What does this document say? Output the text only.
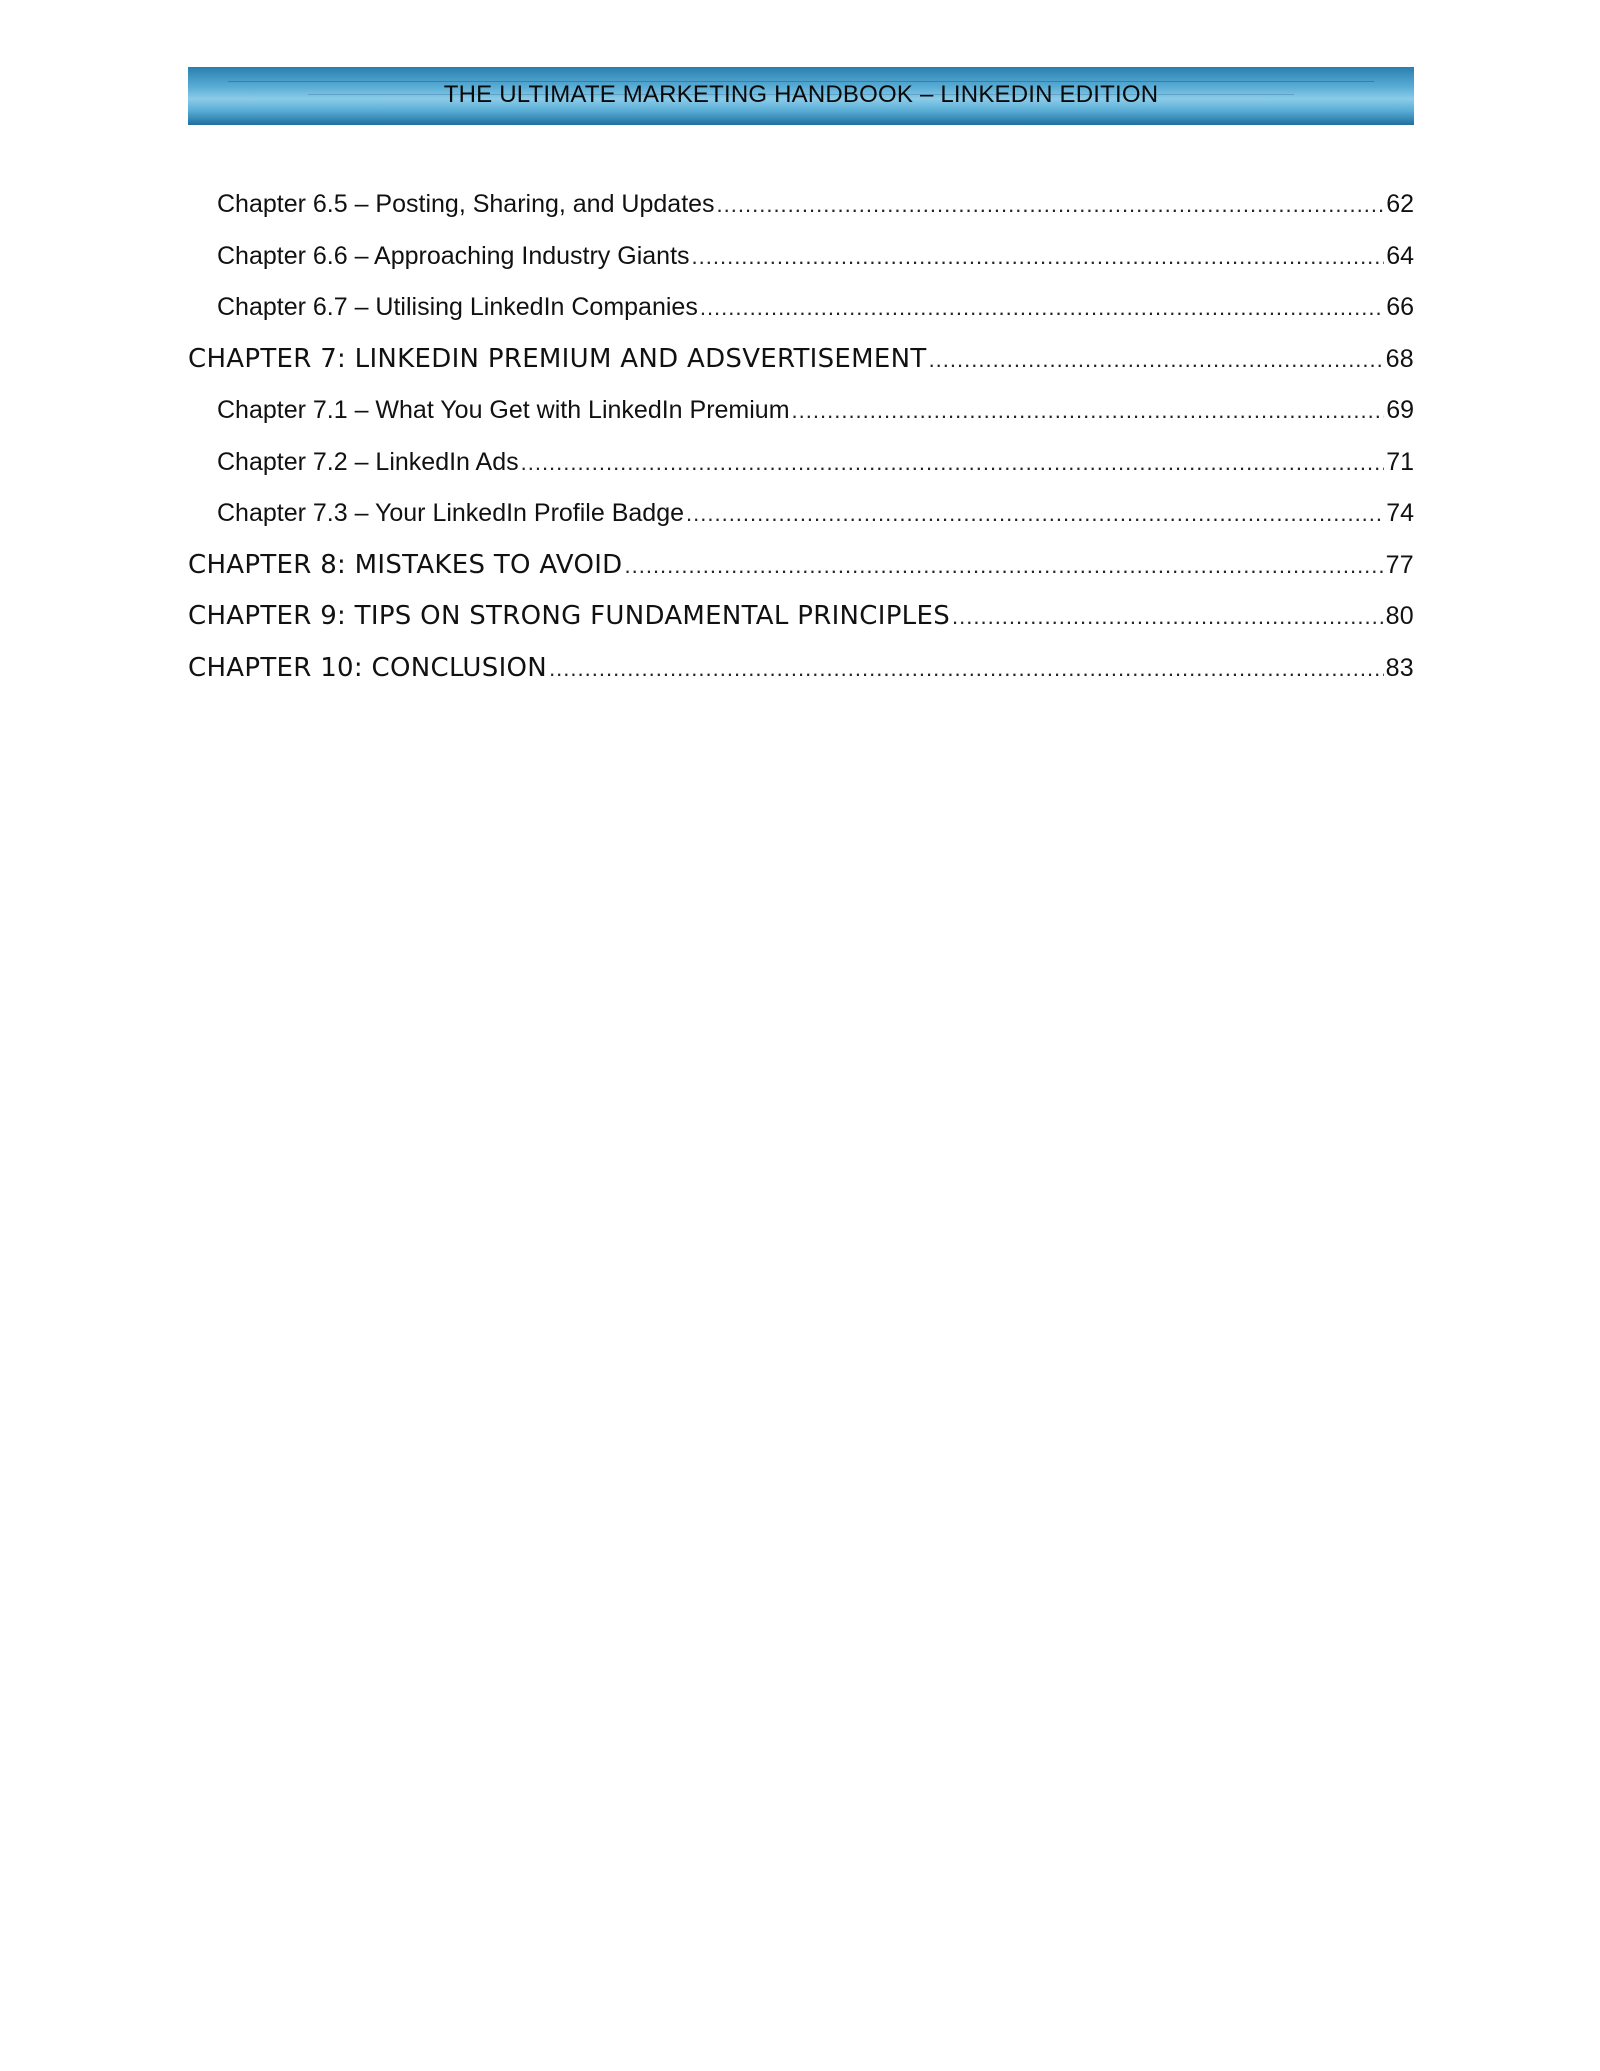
THE ULTIMATE MARKETING HANDBOOK – LINKEDIN EDITION
Chapter 6.5 – Posting, Sharing, and Updates .....	62
Chapter 6.6 – Approaching Industry Giants .....	64
Chapter 6.7 – Utilising LinkedIn Companies .....	66
CHAPTER 7: LINKEDIN PREMIUM AND ADSVERTISEMENT .....	68
Chapter 7.1 – What You Get with LinkedIn Premium .....	69
Chapter 7.2 – LinkedIn Ads .....	71
Chapter 7.3 – Your LinkedIn Profile Badge .....	74
CHAPTER 8: MISTAKES TO AVOID .....	77
CHAPTER 9: TIPS ON STRONG FUNDAMENTAL PRINCIPLES .....	80
CHAPTER 10: CONCLUSION .....	83
